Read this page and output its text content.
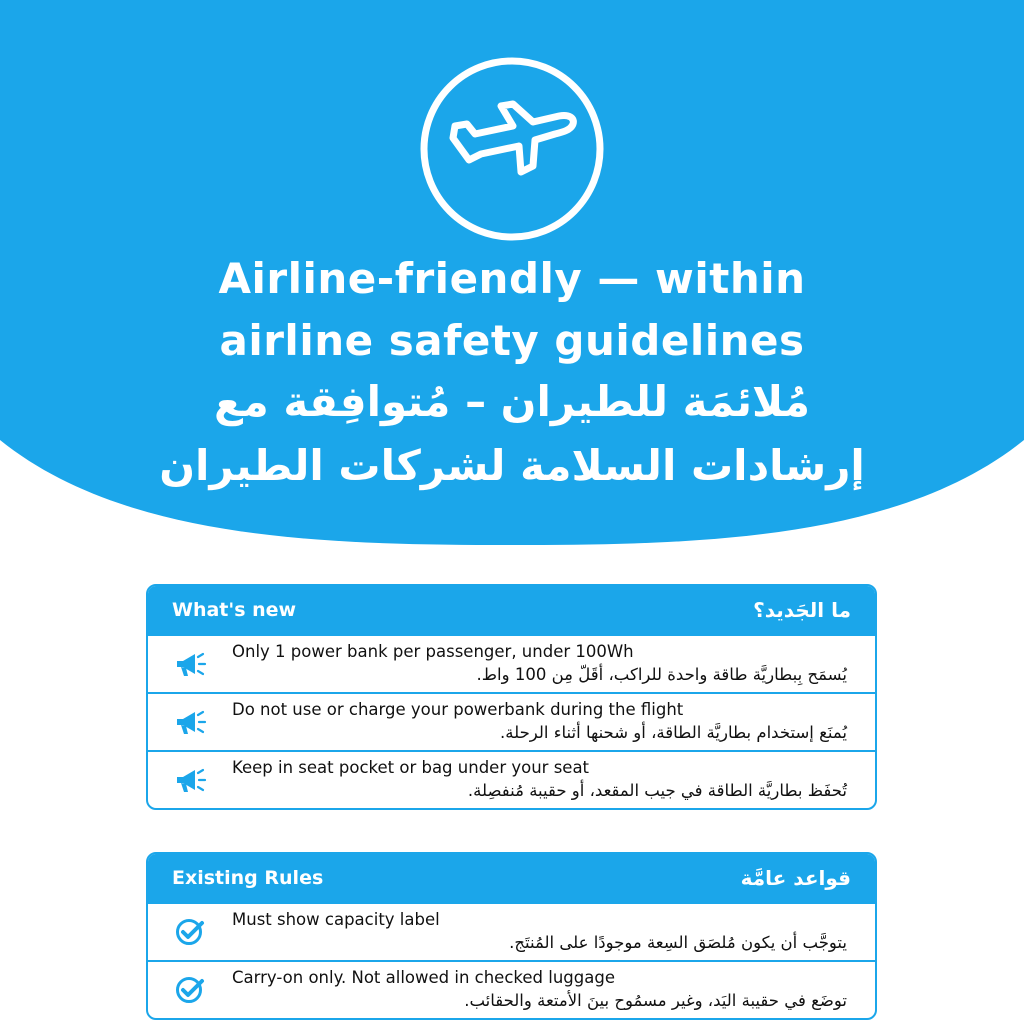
Airline-friendly — within
airline safety guidelines
مُلائمَة للطيران – مُتوافِقة مع
إرشادات السلامة لشركات الطيران
What's new	ما الجَديد؟
Only 1 power bank per passenger, under 100Wh
يُسمَح بِبطاريَّة طاقة واحدة للراكب، أقَلّ مِن 100 واط.
Do not use or charge your powerbank during the flight
يُمنَع إستخدام بطاريَّة الطاقة، أو شحنها أثناء الرحلة.
Keep in seat pocket or bag under your seat
تُحفَظ بطاريَّة الطاقة في جيب المقعد، أو حقيبة مُنفصِلة.
Existing Rules	قواعد عامَّة
Must show capacity label
يتوجَّب أن يكون مُلصَق السِعة موجودًا على المُنتَج.
Carry-on only. Not allowed in checked luggage
توضَع في حقيبة اليَد، وغير مسمُوح بينَ الأمتعة والحقائب.
